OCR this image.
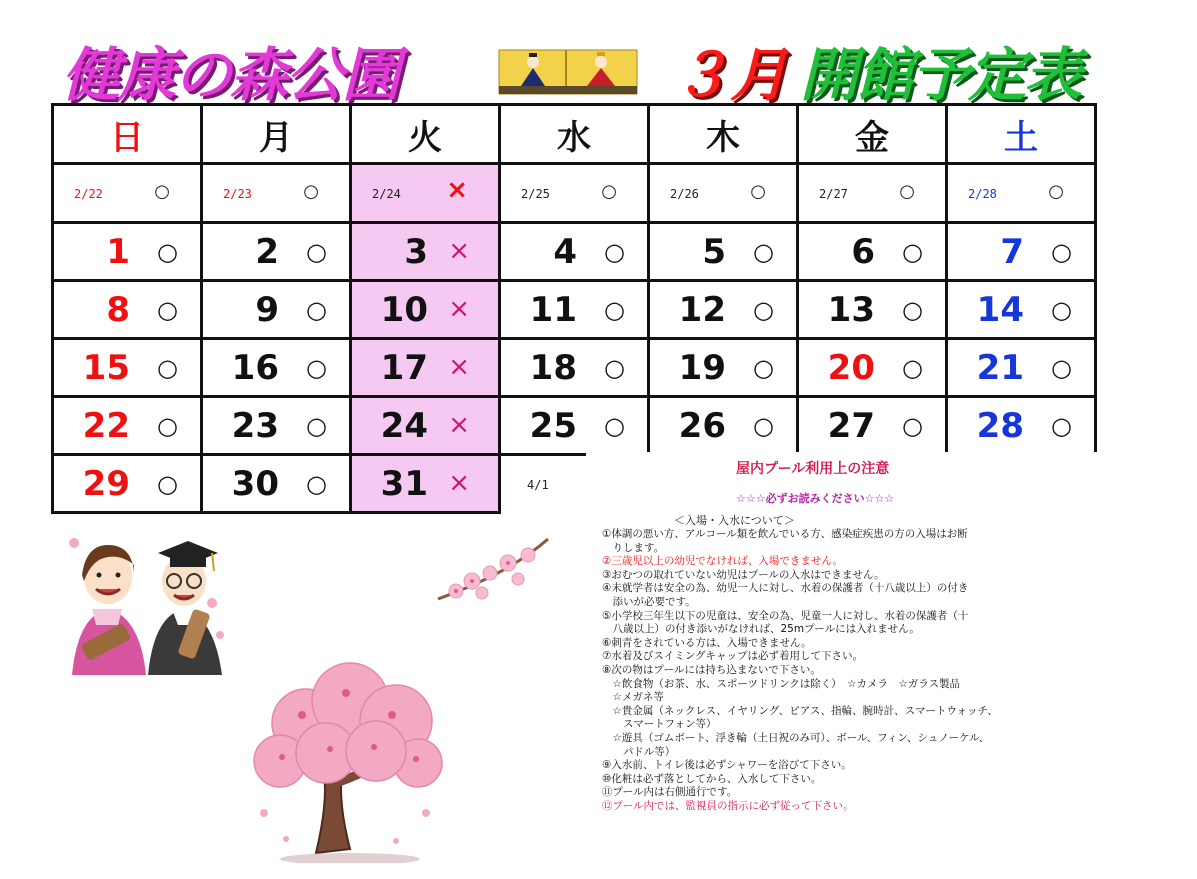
健康の森公園	３月 開館予定表
日	月	火	水	木	金	土

2/22 ○	2/23 ○	2/24 ×	2/25 ○	2/26 ○	2/27 ○	2/28 ○

1 ○	2 ○	3 ×	4 ○	5 ○	6 ○	7 ○

8 ○	9 ○	10 ×	11 ○	12 ○	13 ○	14 ○

15 ○	16 ○	17 ×	18 ○	19 ○	20 ○	21 ○

22 ○	23 ○	24 ×	25 ○	26 ○	27 ○	28 ○

29 ○	30 ○	31 ×	4/1			

屋内プール利用上の注意
☆☆☆必ずお読みください☆☆☆
＜入場・入水について＞
①体調の悪い方、アルコール類を飲んでいる方、感染症疾患の方の入場はお断
　りします。
②三歳児以上の幼児でなければ、入場できません。
③おむつの取れていない幼児はプールの入水はできません。
④未就学者は安全の為、幼児一人に対し、水着の保護者（十八歳以上）の付き
　添いが必要です。
⑤小学校三年生以下の児童は、安全の為、児童一人に対し、水着の保護者（十
　八歳以上）の付き添いがなければ、25mプールには入れません。
⑥刺青をされている方は、入場できません。
⑦水着及びスイミングキャップは必ず着用して下さい。
⑧次の物はプールには持ち込まないで下さい。
　☆飲食物（お茶、水、スポーツドリンクは除く）　☆カメラ　☆ガラス製品
　☆メガネ等
　☆貴金属（ネックレス、イヤリング、ピアス、指輪、腕時計、スマートウォッチ、
　　スマートフォン等）
　☆遊具（ゴムボート、浮き輪（土日祝のみ可）、ボール、フィン、シュノーケル、
　　パドル等）
⑨入水前、トイレ後は必ずシャワーを浴びて下さい。
⑩化粧は必ず落としてから、入水して下さい。
⑪プール内は右側通行です。
⑫プール内では、監視員の指示に必ず従って下さい。
